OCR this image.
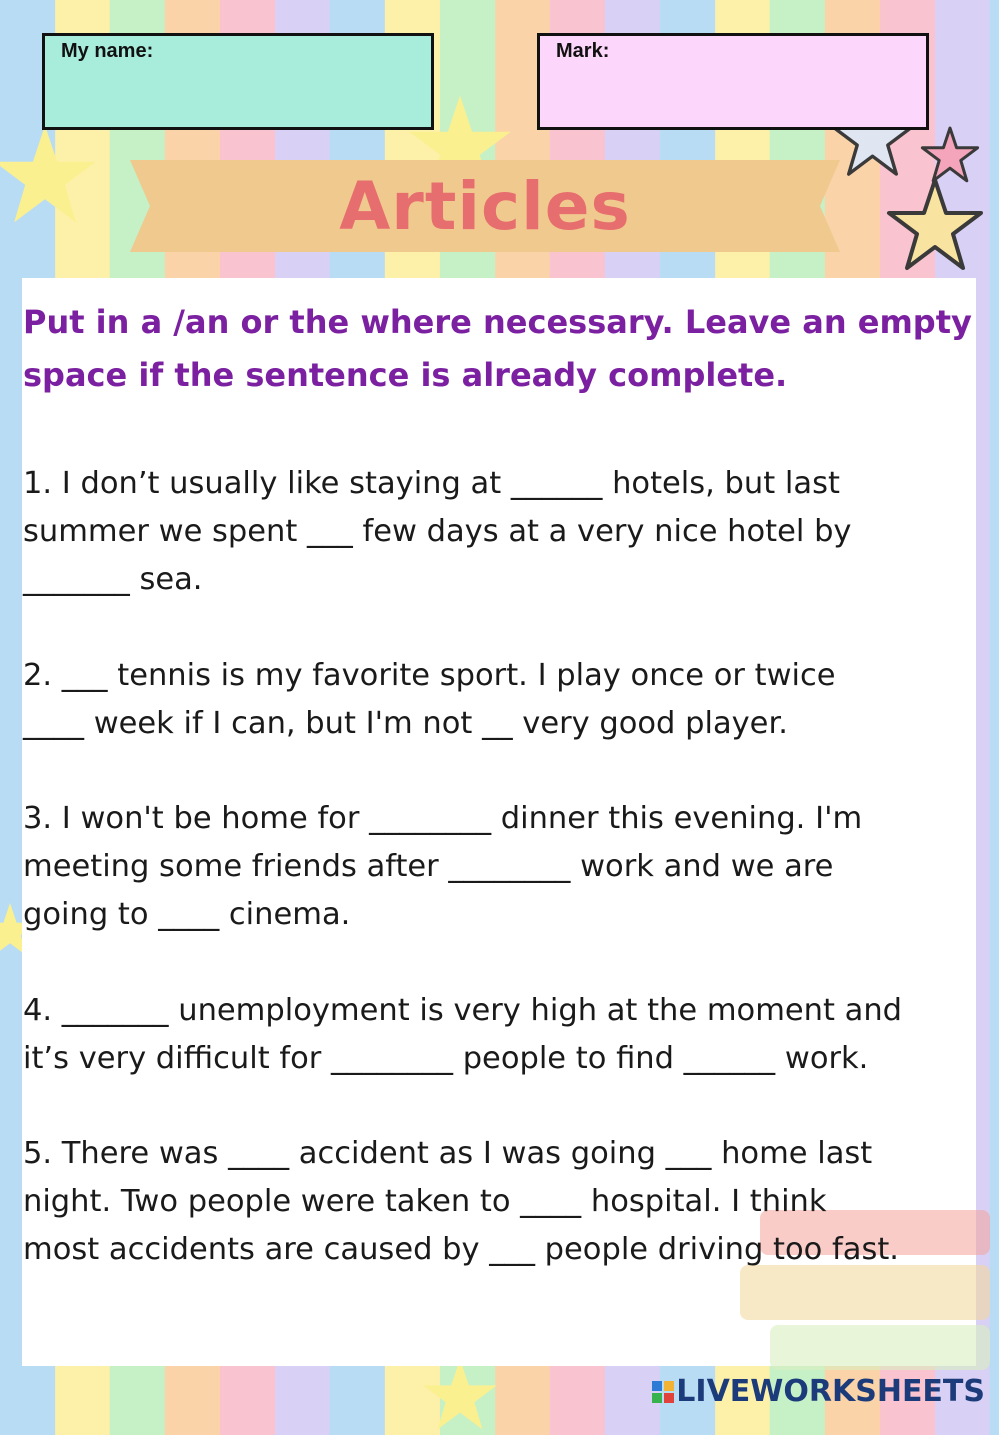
My name:	Mark:
Articles

Put in a /an or the where necessary. Leave an empty space if the sentence is already complete.

1. I don’t usually like staying at ______ hotels, but last
summer we spent ___ few days at a very nice hotel by
_______ sea.

2. ___ tennis is my favorite sport. I play once or twice
____ week if I can, but I'm not __ very good player.

3. I won't be home for ________ dinner this evening. I'm
meeting some friends after ________ work and we are
going to ____ cinema.

4. _______ unemployment is very high at the moment and
it’s very difficult for ________ people to find ______ work.

5. There was ____ accident as I was going ___ home last
night. Two people were taken to ____ hospital. I think
most accidents are caused by ___ people driving too fast.

LIVEWORKSHEETS
